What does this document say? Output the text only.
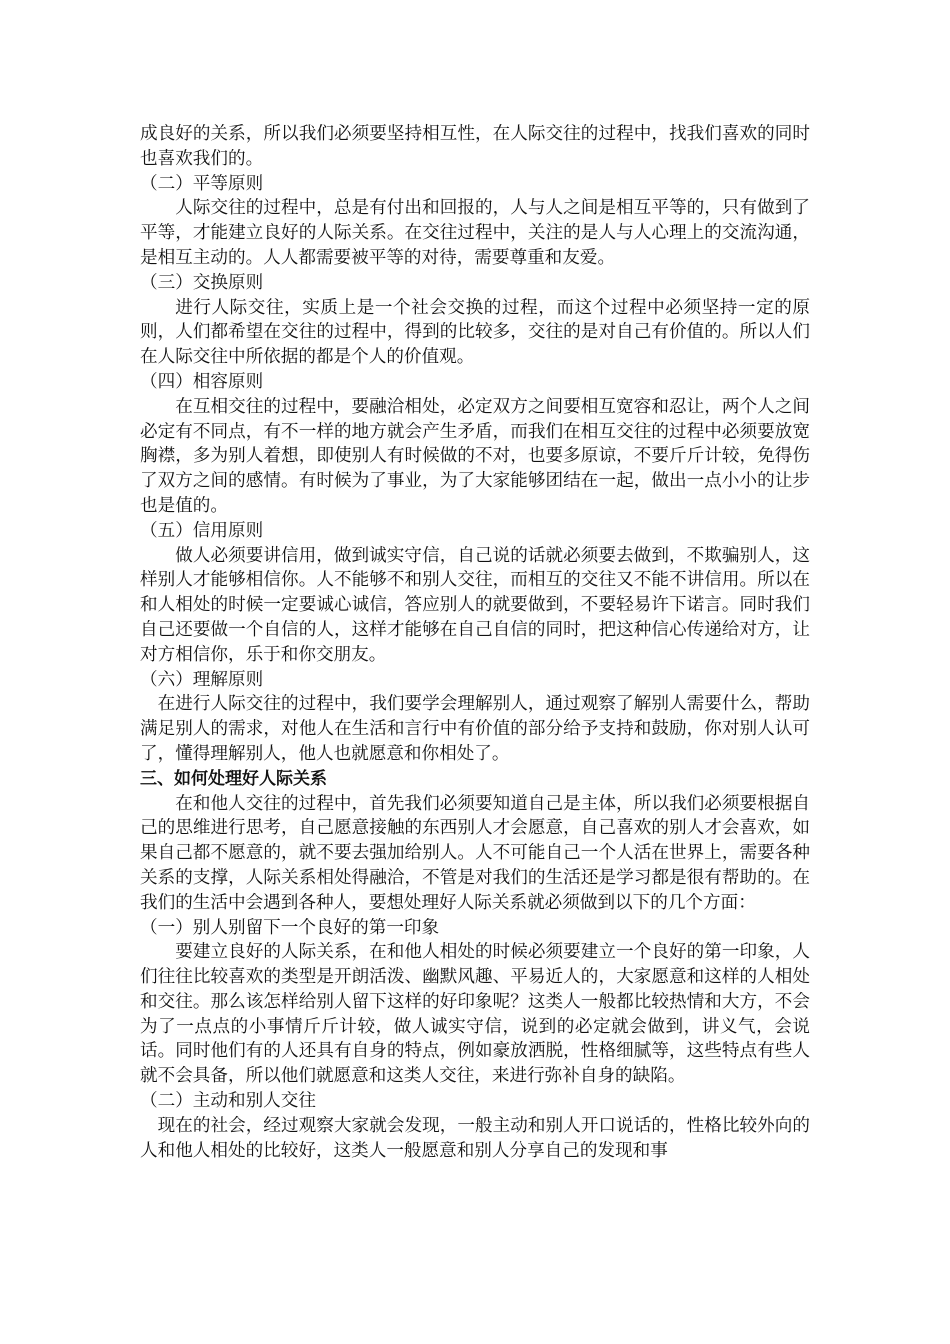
成良好的关系，所以我们必须要坚持相互性，在人际交往的过程中，找我们喜欢的同时也喜欢我们的。

（二）平等原则

人际交往的过程中，总是有付出和回报的，人与人之间是相互平等的，只有做到了平等，才能建立良好的人际关系。在交往过程中，关注的是人与人心理上的交流沟通，是相互主动的。人人都需要被平等的对待，需要尊重和友爱。

（三）交换原则

进行人际交往，实质上是一个社会交换的过程，而这个过程中必须坚持一定的原则，人们都希望在交往的过程中，得到的比较多，交往的是对自己有价值的。所以人们在人际交往中所依据的都是个人的价值观。

（四）相容原则

在互相交往的过程中，要融洽相处，必定双方之间要相互宽容和忍让，两个人之间必定有不同点，有不一样的地方就会产生矛盾，而我们在相互交往的过程中必须要放宽胸襟，多为别人着想，即使别人有时候做的不对，也要多原谅，不要斤斤计较，免得伤了双方之间的感情。有时候为了事业，为了大家能够团结在一起，做出一点小小的让步也是值的。

（五）信用原则

做人必须要讲信用，做到诚实守信，自己说的话就必须要去做到，不欺骗别人，这样别人才能够相信你。人不能够不和别人交往，而相互的交往又不能不讲信用。所以在和人相处的时候一定要诚心诚信，答应别人的就要做到，不要轻易许下诺言。同时我们自己还要做一个自信的人，这样才能够在自己自信的同时，把这种信心传递给对方，让对方相信你，乐于和你交朋友。

（六）理解原则

在进行人际交往的过程中，我们要学会理解别人，通过观察了解别人需要什么，帮助满足别人的需求，对他人在生活和言行中有价值的部分给予支持和鼓励，你对别人认可了，懂得理解别人，他人也就愿意和你相处了。

三、如何处理好人际关系

在和他人交往的过程中，首先我们必须要知道自己是主体，所以我们必须要根据自己的思维进行思考，自己愿意接触的东西别人才会愿意，自己喜欢的别人才会喜欢，如果自己都不愿意的，就不要去强加给别人。人不可能自己一个人活在世界上，需要各种关系的支撑，人际关系相处得融洽，不管是对我们的生活还是学习都是很有帮助的。在我们的生活中会遇到各种人，要想处理好人际关系就必须做到以下的几个方面：

（一）别人别留下一个良好的第一印象

要建立良好的人际关系，在和他人相处的时候必须要建立一个良好的第一印象，人们往往比较喜欢的类型是开朗活泼、幽默风趣、平易近人的，大家愿意和这样的人相处和交往。那么该怎样给别人留下这样的好印象呢？这类人一般都比较热情和大方，不会为了一点点的小事情斤斤计较，做人诚实守信，说到的必定就会做到，讲义气，会说话。同时他们有的人还具有自身的特点，例如豪放洒脱，性格细腻等，这些特点有些人就不会具备，所以他们就愿意和这类人交往，来进行弥补自身的缺陷。

（二）主动和别人交往

现在的社会，经过观察大家就会发现，一般主动和别人开口说话的，性格比较外向的人和他人相处的比较好，这类人一般愿意和别人分享自己的发现和事
